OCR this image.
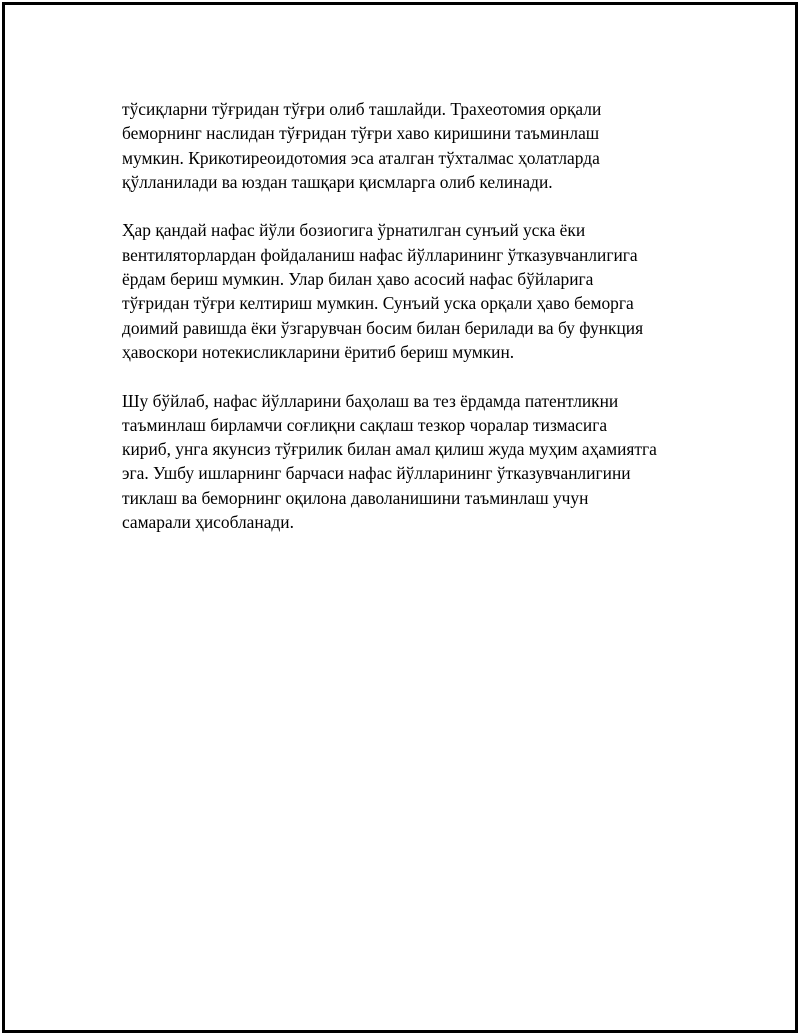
тўсиқларни тўғридан тўғри олиб ташлайди. Трахеотомия орқали
беморнинг наслидан тўғридан тўғри хаво киришини таъминлаш
мумкин. Крикотиреоидотомия эса аталган тўхталмас ҳолатларда
қўлланилади ва юздан ташқари қисмларга олиб келинади.

Ҳар қандай нафас йўли бозиогига ўрнатилган сунъий уска ёки
вентиляторлардан фойдаланиш нафас йўлларининг ўтказувчанлигига
ёрдам бериш мумкин. Улар билан ҳаво асосий нафас бўйларига
тўғридан тўғри келтириш мумкин. Сунъий уска орқали ҳаво беморга
доимий равишда ёки ўзгарувчан босим билан берилади ва бу функция
ҳавоскори нотекисликларини ёритиб бериш мумкин.

Шу бўйлаб, нафас йўлларини баҳолаш ва тез ёрдамда патентликни
таъминлаш бирламчи соғлиқни сақлаш тезкор чоралар тизмасига
кириб, унга якунсиз тўғрилик билан амал қилиш жуда муҳим аҳамиятга
эга. Ушбу ишларнинг барчаси нафас йўлларининг ўтказувчанлигини
тиклаш ва беморнинг оқилона даволанишини таъминлаш учун
самарали ҳисобланади.
